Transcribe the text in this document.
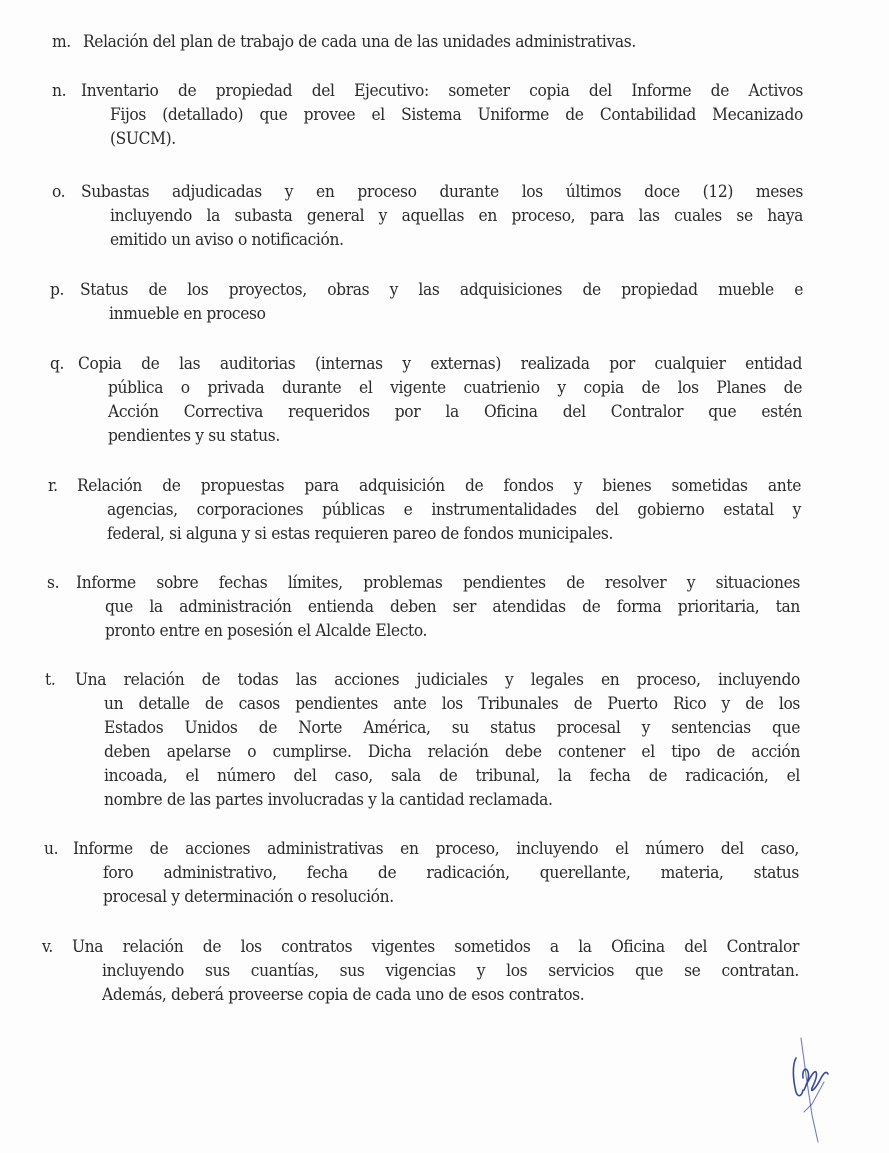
m. Relación del plan de trabajo de cada una de las unidades administrativas.
n. Inventario de propiedad del Ejecutivo: someter copia del Informe de Activos
Fijos (detallado) que provee el Sistema Uniforme de Contabilidad Mecanizado
(SUCM).
o. Subastas adjudicadas y en proceso durante los últimos doce (12) meses
incluyendo la subasta general y aquellas en proceso, para las cuales se haya
emitido un aviso o notificación.
p. Status de los proyectos, obras y las adquisiciones de propiedad mueble e
inmueble en proceso
q. Copia de las auditorias (internas y externas) realizada por cualquier entidad
pública o privada durante el vigente cuatrienio y copia de los Planes de
Acción Correctiva requeridos por la Oficina del Contralor que estén
pendientes y su status.
r. Relación de propuestas para adquisición de fondos y bienes sometidas ante
agencias, corporaciones públicas e instrumentalidades del gobierno estatal y
federal, si alguna y si estas requieren pareo de fondos municipales.
s. Informe sobre fechas límites, problemas pendientes de resolver y situaciones
que la administración entienda deben ser atendidas de forma prioritaria, tan
pronto entre en posesión el Alcalde Electo.
t. Una relación de todas las acciones judiciales y legales en proceso, incluyendo
un detalle de casos pendientes ante los Tribunales de Puerto Rico y de los
Estados Unidos de Norte América, su status procesal y sentencias que
deben apelarse o cumplirse. Dicha relación debe contener el tipo de acción
incoada, el número del caso, sala de tribunal, la fecha de radicación, el
nombre de las partes involucradas y la cantidad reclamada.
u. Informe de acciones administrativas en proceso, incluyendo el número del caso,
foro administrativo, fecha de radicación, querellante, materia, status
procesal y determinación o resolución.
v. Una relación de los contratos vigentes sometidos a la Oficina del Contralor
incluyendo sus cuantías, sus vigencias y los servicios que se contratan.
Además, deberá proveerse copia de cada uno de esos contratos.
